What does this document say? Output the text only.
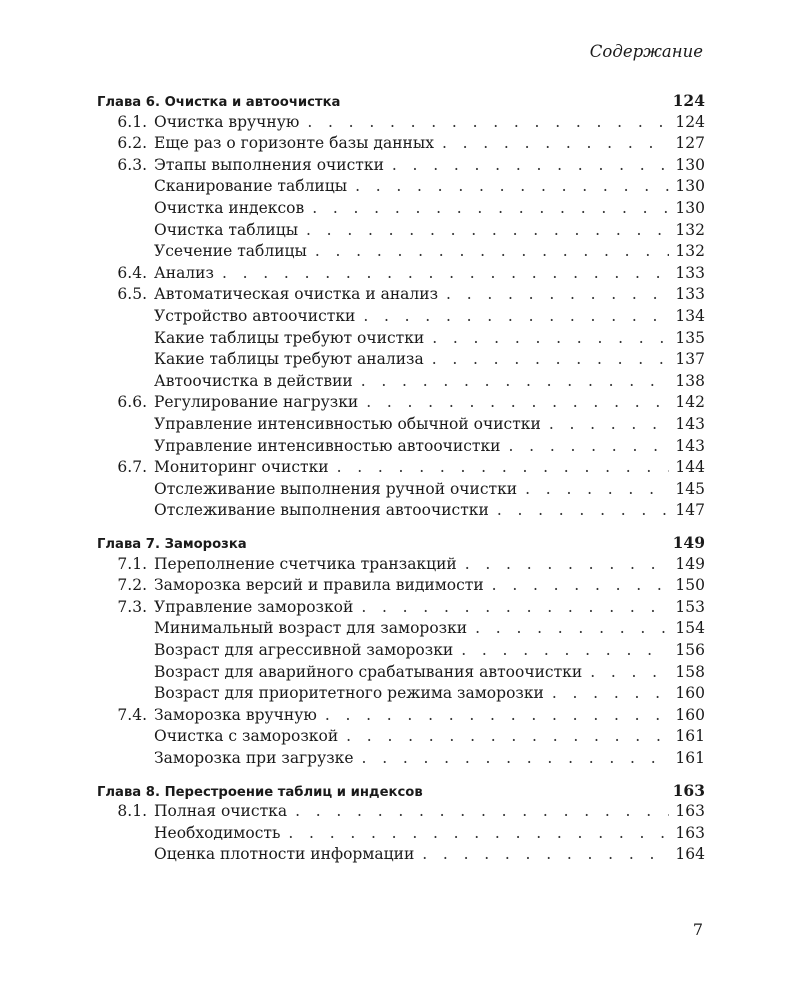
Содержание
Глава 6. Очистка и автоочистка	124
6.1. Очистка вручную . . .	124
6.2. Еще раз о горизонте базы данных . . .	127
6.3. Этапы выполнения очистки . . .	130
Сканирование таблицы . . .	130
Очистка индексов . . .	130
Очистка таблицы . . .	132
Усечение таблицы . . .	132
6.4. Анализ . . .	133
6.5. Автоматическая очистка и анализ . . .	133
Устройство автоочистки . . .	134
Какие таблицы требуют очистки . . .	135
Какие таблицы требуют анализа . . .	137
Автоочистка в действии . . .	138
6.6. Регулирование нагрузки . . .	142
Управление интенсивностью обычной очистки . . .	143
Управление интенсивностью автоочистки . . .	143
6.7. Мониторинг очистки . . .	144
Отслеживание выполнения ручной очистки . . .	145
Отслеживание выполнения автоочистки . . .	147
Глава 7. Заморозка	149
7.1. Переполнение счетчика транзакций . . .	149
7.2. Заморозка версий и правила видимости . . .	150
7.3. Управление заморозкой . . .	153
Минимальный возраст для заморозки . . .	154
Возраст для агрессивной заморозки . . .	156
Возраст для аварийного срабатывания автоочистки . . .	158
Возраст для приоритетного режима заморозки . . .	160
7.4. Заморозка вручную . . .	160
Очистка с заморозкой . . .	161
Заморозка при загрузке . . .	161
Глава 8. Перестроение таблиц и индексов	163
8.1. Полная очистка . . .	163
Необходимость . . .	163
Оценка плотности информации . . .	164
7
